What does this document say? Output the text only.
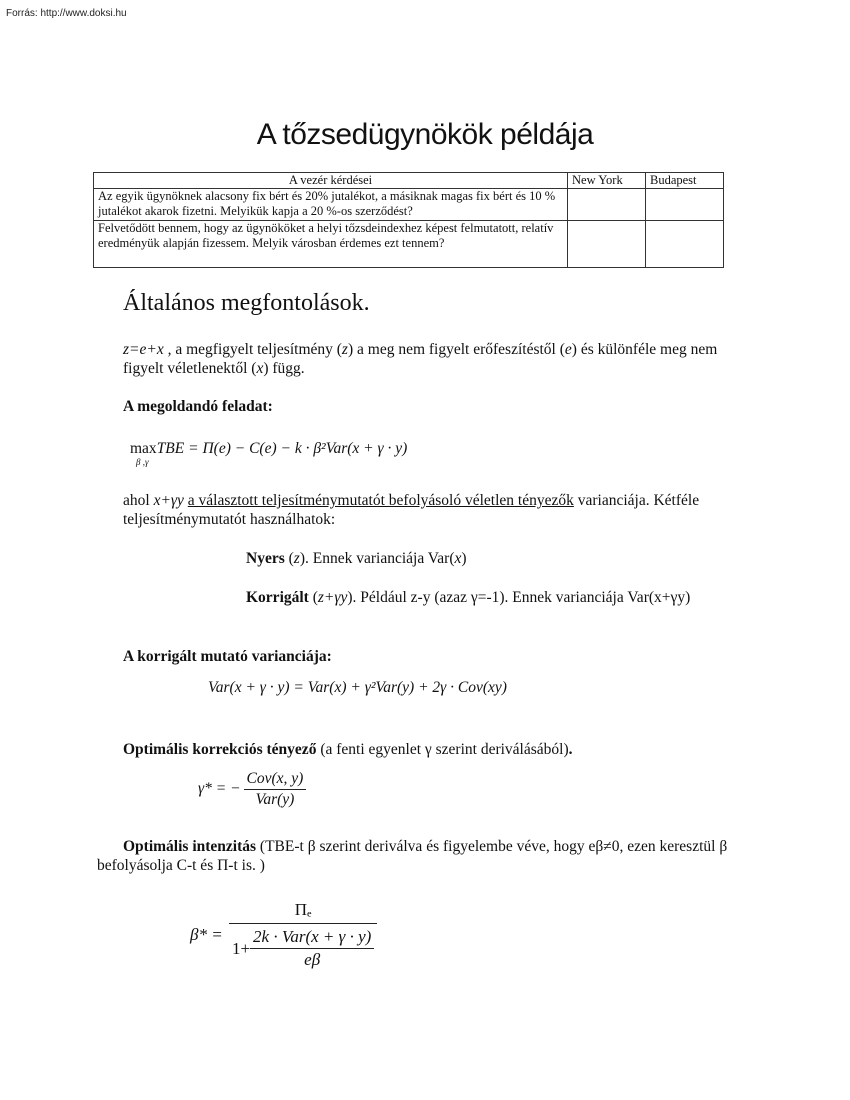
Forrás: http://www.doksi.hu
A tőzsedügynökök példája
A vezér kérdései	New York	Budapest
Az egyik ügynöknek alacsony fix bért és 20% jutalékot, a másiknak magas fix bért és 10 % jutalékot akarok fizetni. Melyikük kapja a 20 %-os szerződést?		
Felvetődött bennem, hogy az ügynököket a helyi tőzsdeindexhez képest felmutatott, relatív eredményük alapján fizessem. Melyik városban érdemes ezt tennem?		
Általános megfontolások.
z=e+x , a megfigyelt teljesítmény (z) a meg nem figyelt erőfeszítéstől (e) és különféle meg nem figyelt véletlenektől (x) függ.
A megoldandó feladat:
max
β ,γ
TBE = Π(e) − C(e) − k · β²Var(x + γ · y)
ahol x+γy a választott teljesítménymutatót befolyásoló véletlen tényezők varianciája. Kétféle teljesítménymutatót használhatok:
Nyers (z). Ennek varianciája Var(x)
Korrigált (z+γy). Például z-y (azaz γ=-1). Ennek varianciája Var(x+γy)
A korrigált mutató varianciája:
Var(x + γ · y) = Var(x) + γ²Var(y) + 2γ · Cov(xy)
Optimális korrekciós tényező (a fenti egyenlet γ szerint deriválásából).
γ* = − $\frac{\text{Cov(x, y)}}{\text{Var(y)}}$
Optimális intenzitás (TBE-t β szerint deriválva és figyelembe véve, hogy eβ≠0, ezen keresztül β befolyásolja C-t és Π-t is. )
$\beta* = \frac{\text{Πₑ}}{1+ \frac{\text{2k · Var(x + γ · y)}}{e\beta}}$
